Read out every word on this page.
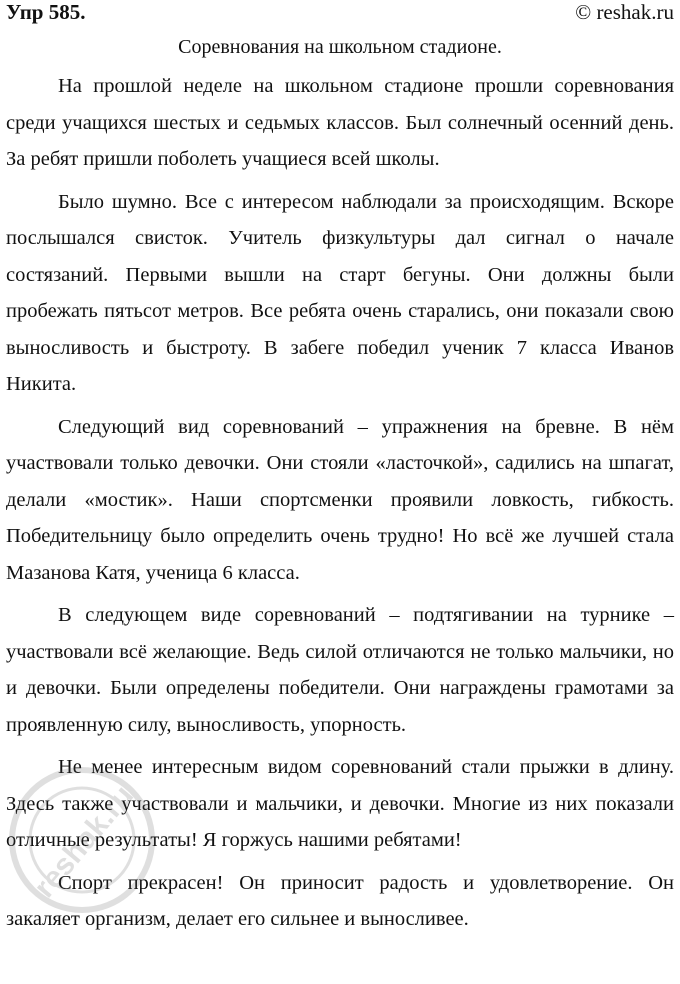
Упр 585.	© reshak.ru
Соревнования на школьном стадионе.

На прошлой неделе на школьном стадионе прошли соревнования среди учащихся шестых и седьмых классов. Был солнечный осенний день. За ребят пришли поболеть учащиеся всей школы.

Было шумно. Все с интересом наблюдали за происходящим. Вскоре послышался свисток. Учитель физкультуры дал сигнал о начале состязаний. Первыми вышли на старт бегуны. Они должны были пробежать пятьсот метров. Все ребята очень старались, они показали свою выносливость и быстроту. В забеге победил ученик 7 класса Иванов Никита.

Следующий вид соревнований – упражнения на бревне. В нём участвовали только девочки. Они стояли «ласточкой», садились на шпагат, делали «мостик». Наши спортсменки проявили ловкость, гибкость. Победительницу было определить очень трудно! Но всё же лучшей стала Мазанова Катя, ученица 6 класса.

В следующем виде соревнований – подтягивании на турнике – участвовали всё желающие. Ведь силой отличаются не только мальчики, но и девочки. Были определены победители. Они награждены грамотами за проявленную силу, выносливость, упорность.

Не менее интересным видом соревнований стали прыжки в длину. Здесь также участвовали и мальчики, и девочки. Многие из них показали отличные результаты! Я горжусь нашими ребятами!

Спорт прекрасен! Он приносит радость и удовлетворение. Он закаляет организм, делает его сильнее и выносливее.

reshak.ru
